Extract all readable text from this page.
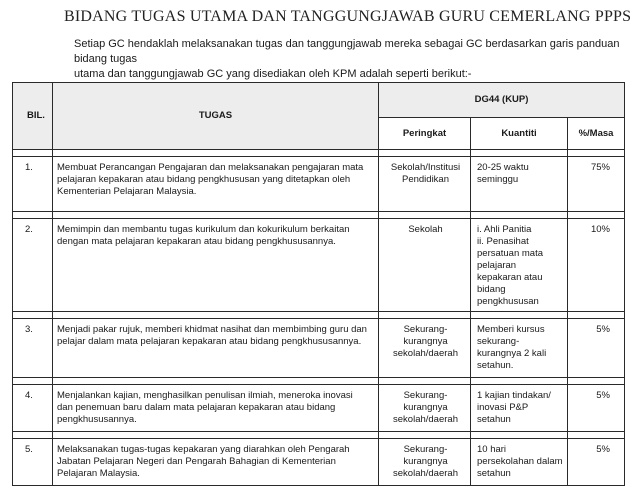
BIDANG TUGAS UTAMA DAN TANGGUNGJAWAB GURU CEMERLANG PPPS
Setiap GC hendaklah melaksanakan tugas dan tanggungjawab mereka sebagai GC berdasarkan garis panduan bidang tugas
utama dan tanggungjawab GC yang disediakan oleh KPM adalah seperti berikut:-
BIL.	TUGAS	DG44 (KUP)		
		Peringkat	Kuantiti	%/Masa

1.	Membuat Perancangan Pengajaran dan melaksanakan pengajaran mata pelajaran kepakaran atau bidang pengkhususan yang ditetapkan oleh Kementerian Pelajaran Malaysia.	Sekolah/Institusi Pendidikan	20-25 waktu seminggu	75%

2.	Memimpin dan membantu tugas kurikulum dan kokurikulum berkaitan dengan mata pelajaran kepakaran atau bidang pengkhususannya.	Sekolah	i. Ahli Panitia
ii. Penasihat persatuan mata pelajaran kepakaran atau bidang pengkhususan	10%

3.	Menjadi pakar rujuk, memberi khidmat nasihat dan membimbing guru dan pelajar dalam mata pelajaran kepakaran atau bidang pengkhususannya.	Sekurang-kurangnya sekolah/daerah	Memberi kursus sekurang-kurangnya 2 kali setahun.	5%

4.	Menjalankan kajian, menghasilkan penulisan ilmiah, meneroka inovasi dan penemuan baru dalam mata pelajaran kepakaran atau bidang pengkhususannya.	Sekurang-kurangnya sekolah/daerah	1 kajian tindakan/ inovasi P&P setahun	5%

5.	Melaksanakan tugas-tugas kepakaran yang diarahkan oleh Pengarah Jabatan Pelajaran Negeri dan Pengarah Bahagian di Kementerian Pelajaran Malaysia.	Sekurang-kurangnya sekolah/daerah	10 hari persekolahan dalam setahun	5%
